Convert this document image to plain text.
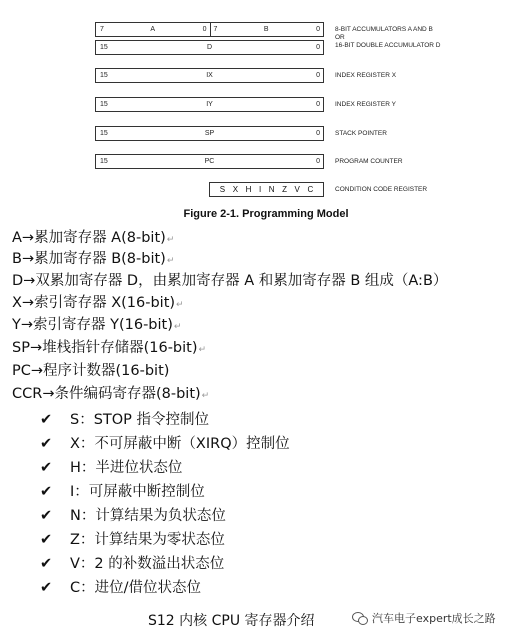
7	A	0 7	B	0 8-BIT ACCUMULATORS A AND B
OR
16-BIT DOUBLE ACCUMULATOR D
15	D	0
15	IX	0 INDEX REGISTER X
15	IY	0 INDEX REGISTER Y
15	SP	0 STACK POINTER
15	PC	0 PROGRAM COUNTER
S X H I N Z V C	CONDITION CODE REGISTER
Figure 2-1. Programming Model
A→累加寄存器 A(8-bit)↵
B→累加寄存器 B(8-bit)↵
D→双累加寄存器 D，由累加寄存器 A 和累加寄存器 B 组成（A:B）
X→索引寄存器 X(16-bit)↵
Y→索引寄存器 Y(16-bit)↵
SP→堆栈指针存储器(16-bit)↵
PC→程序计数器(16-bit)
CCR→条件编码寄存器(8-bit)↵
✔ S：STOP 指令控制位
✔ X：不可屏蔽中断（XIRQ）控制位
✔ H：半进位状态位
✔ I：可屏蔽中断控制位
✔ N：计算结果为负状态位
✔ Z：计算结果为零状态位
✔ V：2 的补数溢出状态位
✔ C：进位/借位状态位
S12 内核 CPU 寄存器介绍	汽车电子expert成长之路
